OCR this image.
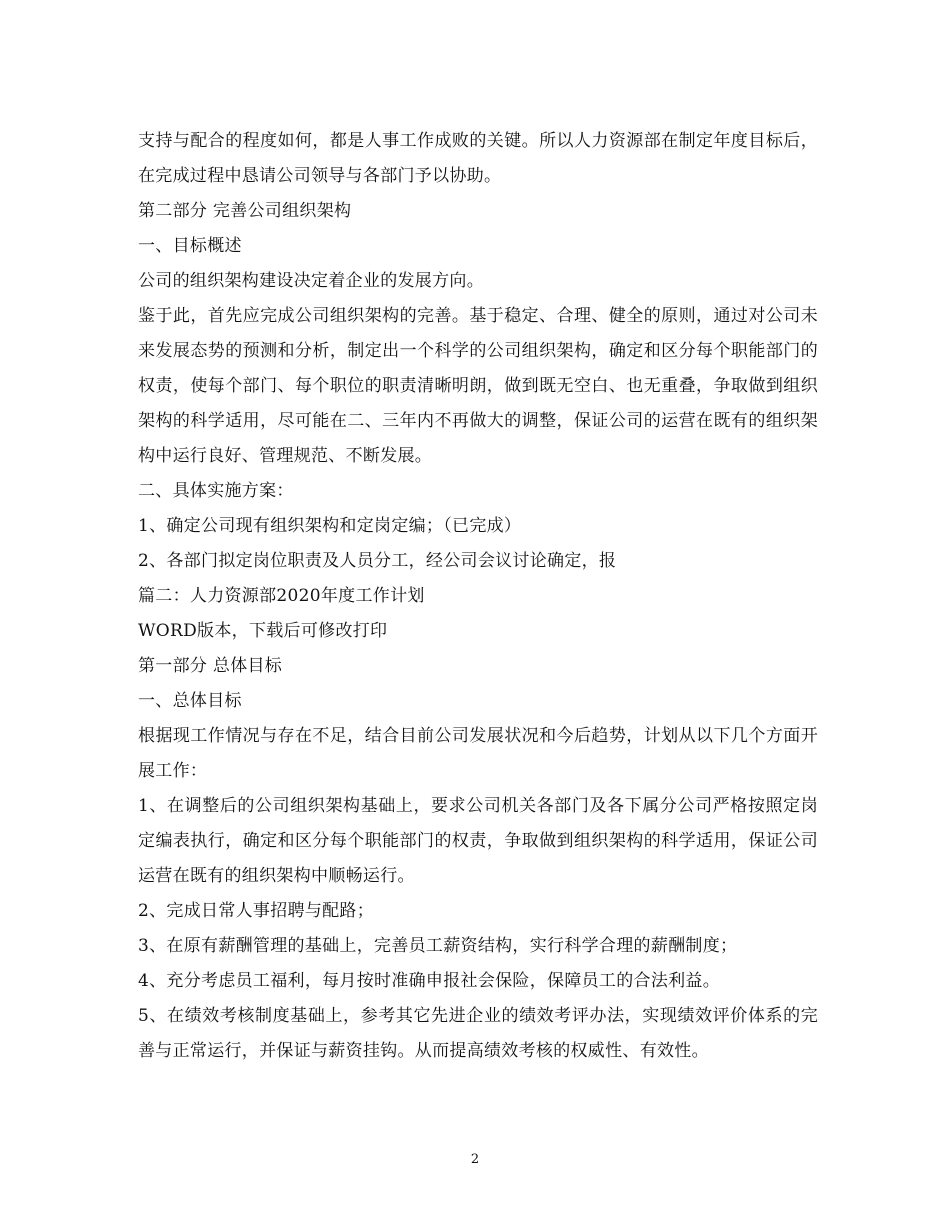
支持与配合的程度如何，都是人事工作成败的关键。所以人力资源部在制定年度目标后，在完成过程中恳请公司领导与各部门予以协助。

第二部分 完善公司组织架构

一、目标概述

公司的组织架构建设决定着企业的发展方向。

鉴于此，首先应完成公司组织架构的完善。基于稳定、合理、健全的原则，通过对公司未来发展态势的预测和分析，制定出一个科学的公司组织架构，确定和区分每个职能部门的权责，使每个部门、每个职位的职责清晰明朗，做到既无空白、也无重叠，争取做到组织架构的科学适用，尽可能在二、三年内不再做大的调整，保证公司的运营在既有的组织架构中运行良好、管理规范、不断发展。

二、具体实施方案：

1、确定公司现有组织架构和定岗定编；（已完成）

2、各部门拟定岗位职责及人员分工，经公司会议讨论确定，报

篇二：人力资源部2020年度工作计划

WORD版本，下载后可修改打印

第一部分 总体目标

一、总体目标

根据现工作情况与存在不足，结合目前公司发展状况和今后趋势，计划从以下几个方面开展工作：

1、在调整后的公司组织架构基础上，要求公司机关各部门及各下属分公司严格按照定岗定编表执行，确定和区分每个职能部门的权责，争取做到组织架构的科学适用，保证公司运营在既有的组织架构中顺畅运行。

2、完成日常人事招聘与配路；

3、在原有薪酬管理的基础上，完善员工薪资结构，实行科学合理的薪酬制度；

4、充分考虑员工福利，每月按时准确申报社会保险，保障员工的合法利益。

5、在绩效考核制度基础上，参考其它先进企业的绩效考评办法，实现绩效评价体系的完善与正常运行，并保证与薪资挂钩。从而提高绩效考核的权威性、有效性。

2
